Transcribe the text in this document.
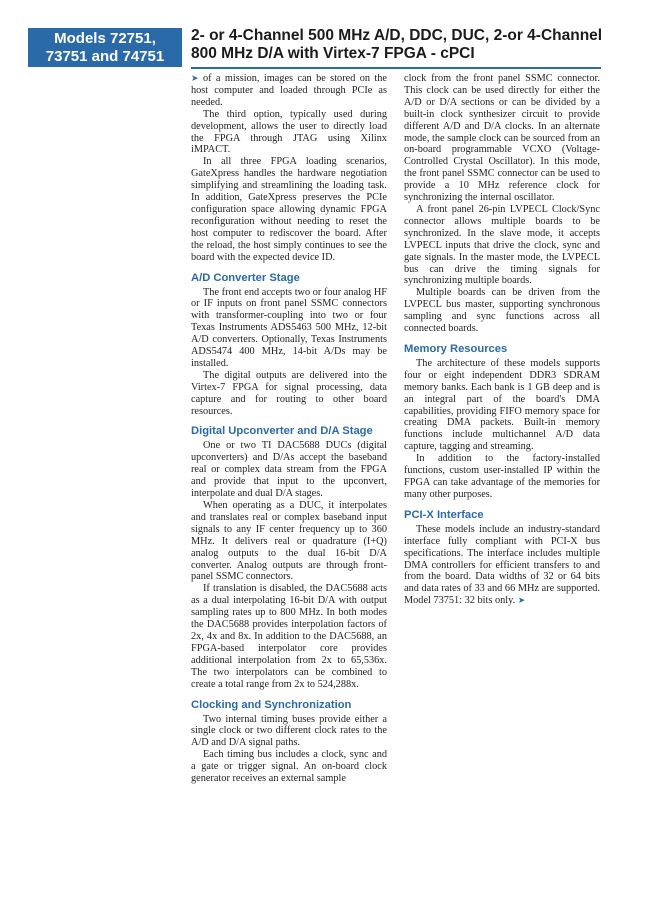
Models 72751,
73751 and 74751
2- or 4-Channel 500 MHz A/D, DDC, DUC, 2-or 4-Channel
800 MHz D/A with Virtex-7 FPGA - cPCI

➤ of a mission, images can be stored on the host computer and loaded through PCIe as needed.

The third option, typically used during development, allows the user to directly load the FPGA through JTAG using Xilinx iMPACT.

In all three FPGA loading scenarios, GateXpress handles the hardware negotiation simplifying and streamlining the loading task. In addition, GateXpress preserves the PCIe configuration space allowing dynamic FPGA reconfiguration without needing to reset the host computer to rediscover the board. After the reload, the host simply continues to see the board with the expected device ID.

A/D Converter Stage

The front end accepts two or four analog HF or IF inputs on front panel SSMC connectors with transformer-coupling into two or four Texas Instruments ADS5463 500 MHz, 12-bit A/D converters. Optionally, Texas Instruments ADS5474 400 MHz, 14-bit A/Ds may be installed.

The digital outputs are delivered into the Virtex-7 FPGA for signal processing, data capture and for routing to other board resources.

Digital Upconverter and D/A Stage

One or two TI DAC5688 DUCs (digital upconverters) and D/As accept the baseband real or complex data stream from the FPGA and provide that input to the upconvert, interpolate and dual D/A stages.

When operating as a DUC, it interpolates and translates real or complex baseband input signals to any IF center frequency up to 360 MHz. It delivers real or quadrature (I+Q) analog outputs to the dual 16-bit D/A converter. Analog outputs are through front-panel SSMC connectors.

If translation is disabled, the DAC5688 acts as a dual interpolating 16-bit D/A with output sampling rates up to 800 MHz. In both modes the DAC5688 provides interpolation factors of 2x, 4x and 8x. In addition to the DAC5688, an FPGA-based interpolator core provides additional interpolation from 2x to 65,536x. The two interpolators can be combined to create a total range from 2x to 524,288x.

Clocking and Synchronization

Two internal timing buses provide either a single clock or two different clock rates to the A/D and D/A signal paths.

Each timing bus includes a clock, sync and a gate or trigger signal. An on-board clock generator receives an external sample

clock from the front panel SSMC connector. This clock can be used directly for either the A/D or D/A sections or can be divided by a built-in clock synthesizer circuit to provide different A/D and D/A clocks. In an alternate mode, the sample clock can be sourced from an on-board programmable VCXO (Voltage-Controlled Crystal Oscillator). In this mode, the front panel SSMC connector can be used to provide a 10 MHz reference clock for synchronizing the internal oscillator.

A front panel 26-pin LVPECL Clock/Sync connector allows multiple boards to be synchronized. In the slave mode, it accepts LVPECL inputs that drive the clock, sync and gate signals. In the master mode, the LVPECL bus can drive the timing signals for synchronizing multiple boards.

Multiple boards can be driven from the LVPECL bus master, supporting synchronous sampling and sync functions across all connected boards.

Memory Resources

The architecture of these models supports four or eight independent DDR3 SDRAM memory banks. Each bank is 1 GB deep and is an integral part of the board's DMA capabilities, providing FIFO memory space for creating DMA packets. Built-in memory functions include multichannel A/D data capture, tagging and streaming.

In addition to the factory-installed functions, custom user-installed IP within the FPGA can take advantage of the memories for many other purposes.

PCI-X Interface

These models include an industry-standard interface fully compliant with PCI-X bus specifications. The interface includes multiple DMA controllers for efficient transfers to and from the board. Data widths of 32 or 64 bits and data rates of 33 and 66 MHz are supported. Model 73751: 32 bits only. ➤
